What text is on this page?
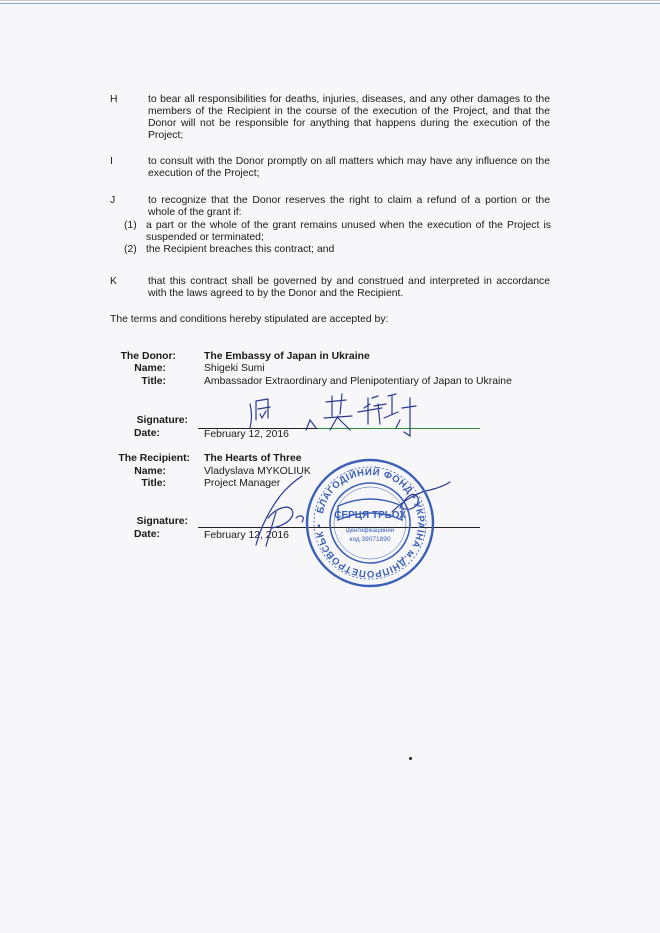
H	to bear all responsibilities for deaths, injuries, diseases, and any other damages to the members of the Recipient in the course of the execution of the Project, and that the Donor will not be responsible for anything that happens during the execution of the Project;
I	to consult with the Donor promptly on all matters which may have any influence on the execution of the Project;
J	to recognize that the Donor reserves the right to claim a refund of a portion or the whole of the grant if:
(1) a part or the whole of the grant remains unused when the execution of the Project is suspended or terminated;
(2) the Recipient breaches this contract; and
K	that this contract shall be governed by and construed and interpreted in accordance with the laws agreed to by the Donor and the Recipient.
The terms and conditions hereby stipulated are accepted by:
The Donor:	The Embassy of Japan in Ukraine
Name:	Shigeki Sumi
Title:	Ambassador Extraordinary and Plenipotentiary of Japan to Ukraine
Signature:
Date:	February 12, 2016
The Recipient: The Hearts of Three
Name:	Vladyslava MYKOLIUK
Title:	Project Manager
Signature:
Date:	February 12, 2016
БЛАГОДІЙНИЙ ФОНД • УКРАЇНА м.ДНІПРОПЕТРОВСЬК •
СЕРЦЯ ТРЬОХ
ідентифікаційний
код 39071890
